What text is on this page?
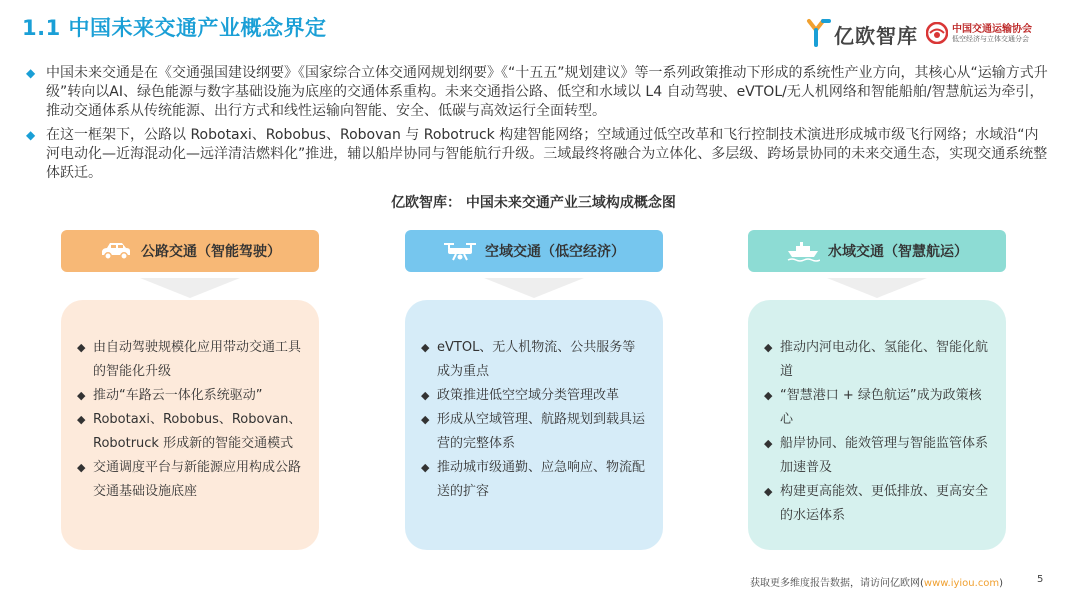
1.1 中国未来交通产业概念界定	亿欧智库	中国交通运输协会
低空经济与立体交通分会
◆ 中国未来交通是在《交通强国建设纲要》《国家综合立体交通网规划纲要》《“十五五”规划建议》等一系列政策推动下形成的系统性产业方向，其核心从“运输方式升级”转向以AI、绿色能源与数字基础设施为底座的交通体系重构。未来交通指公路、低空和水域以 L4 自动驾驶、eVTOL/无人机网络和智能船舶/智慧航运为牵引，推动交通体系从传统能源、出行方式和线性运输向智能、安全、低碳与高效运行全面转型。
◆ 在这一框架下，公路以 Robotaxi、Robobus、Robovan 与 Robotruck 构建智能网络；空域通过低空改革和飞行控制技术演进形成城市级飞行网络；水域沿“内河电动化—近海混动化—远洋清洁燃料化”推进，辅以船岸协同与智能航行升级。三域最终将融合为立体化、多层级、跨场景协同的未来交通生态，实现交通系统整体跃迁。
亿欧智库： 中国未来交通产业三域构成概念图
公路交通（智能驾驶）
◆ 由自动驾驶规模化应用带动交通工具的智能化升级
◆ 推动“车路云一体化系统驱动”
◆ Robotaxi、Robobus、Robovan、Robotruck 形成新的智能交通模式
◆ 交通调度平台与新能源应用构成公路交通基础设施底座
空域交通（低空经济）
◆ eVTOL、无人机物流、公共服务等成为重点
◆ 政策推进低空空域分类管理改革
◆ 形成从空域管理、航路规划到载具运营的完整体系
◆ 推动城市级通勤、应急响应、物流配送的扩容
水域交通（智慧航运）
◆ 推动内河电动化、氢能化、智能化航道
◆ “智慧港口 + 绿色航运”成为政策核心
◆ 船岸协同、能效管理与智能监管体系加速普及
◆ 构建更高能效、更低排放、更高安全的水运体系
获取更多维度报告数据，请访问亿欧网(www.iyiou.com)	5
